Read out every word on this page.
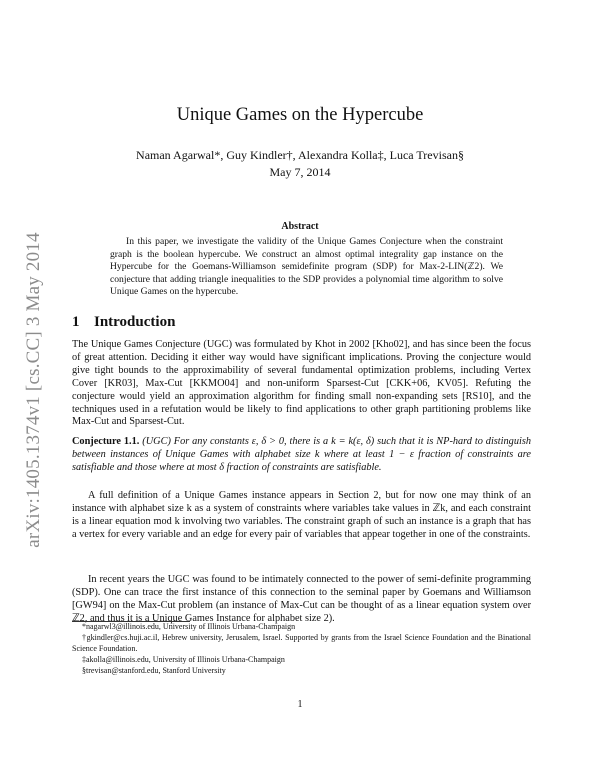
arXiv:1405.1374v1 [cs.CC] 3 May 2014
Unique Games on the Hypercube
Naman Agarwal*, Guy Kindler†, Alexandra Kolla‡, Luca Trevisan§
May 7, 2014
Abstract
In this paper, we investigate the validity of the Unique Games Conjecture when the constraint graph is the boolean hypercube. We construct an almost optimal integrality gap instance on the Hypercube for the Goemans-Williamson semidefinite program (SDP) for Max-2-LIN(ℤ2). We conjecture that adding triangle inequalities to the SDP provides a polynomial time algorithm to solve Unique Games on the hypercube.
1 Introduction
The Unique Games Conjecture (UGC) was formulated by Khot in 2002 [Kho02], and has since been the focus of great attention. Deciding it either way would have significant implications. Proving the conjecture would give tight bounds to the approximability of several fundamental optimization problems, including Vertex Cover [KR03], Max-Cut [KKMO04] and non-uniform Sparsest-Cut [CKK+06, KV05]. Refuting the conjecture would yield an approximation algorithm for finding small non-expanding sets [RS10], and the techniques used in a refutation would be likely to find applications to other graph partitioning problems like Max-Cut and Sparsest-Cut.
Conjecture 1.1. (UGC) For any constants ε, δ > 0, there is a k = k(ε, δ) such that it is NP-hard to distinguish between instances of Unique Games with alphabet size k where at least 1 − ε fraction of constraints are satisfiable and those where at most δ fraction of constraints are satisfiable.
A full definition of a Unique Games instance appears in Section 2, but for now one may think of an instance with alphabet size k as a system of constraints where variables take values in ℤk, and each constraint is a linear equation mod k involving two variables. The constraint graph of such an instance is a graph that has a vertex for every variable and an edge for every pair of variables that appear together in one of the constraints.
In recent years the UGC was found to be intimately connected to the power of semi-definite programming (SDP). One can trace the first instance of this connection to the seminal paper by Goemans and Williamson [GW94] on the Max-Cut problem (an instance of Max-Cut can be thought of as a linear equation system over ℤ2, and thus it is a Unique Games Instance for alphabet size 2).
*nagarwl3@illinois.edu, University of Illinois Urbana-Champaign
†gkindler@cs.huji.ac.il, Hebrew university, Jerusalem, Israel. Supported by grants from the Israel Science Foundation and the Binational Science Foundation.
‡akolla@illinois.edu, University of Illinois Urbana-Champaign
§trevisan@stanford.edu, Stanford University
1
